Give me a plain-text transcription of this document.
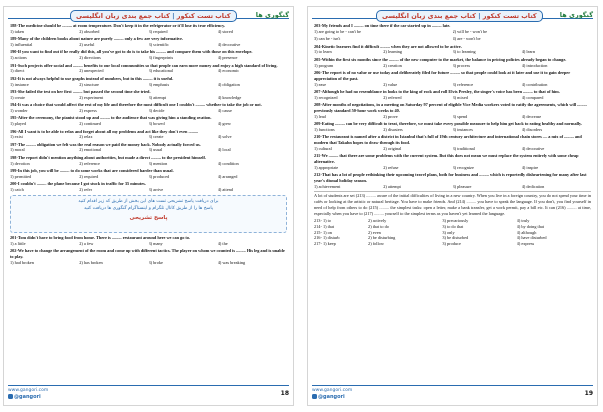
کتاب تست کنکور | کتاب جمع بندی زبان انگلیسی	گنگوری ها

188-The medicine should be ......... at room temperature. Don't keep it in the refrigerator or it'll lose its true efficiency.

1) taken	2) absorbed	3) required	4) stored

189-Many of the children books about nature are purely ......... only a few are very informative.

1) influential	2) useful	3) scientific	4) decorative

190-If you want to find out if he really did this, all you've got to do is to take his ......... and compare them with those on this envelope.

1) actions	2) directions	3) fingerprints	4) presence

191-Such projects offer social and ......... benefits to our local communities so that people can earn more money and enjoy a high standard of living.

1) direct	2) unexpected	3) educational	4) economic

192-It is not always helpful to use graphs instead of numbers, but in this ......... it is useful.

1) instance	2) structure	3) emphasis	4) obligation

193-She failed the test on her first ......... but passed the second time she tried.

1) create	2) experiment	3) attempt	4) knowledge

194-It was a choice that would affect the rest of my life and therefore the most difficult one I couldn't ......... whether to take the job or not.

1) wonder	2) express	3) decide	4) cause

195-After the ceremony, the pianist stood up and ......... to the audience that was giving him a standing ovation.

1) played	2) continued	3) bowed	4) grew

196-All I want is to be able to relax and forget about all my problems and act like they don't even .........

1) exist	2) relax	3) create	4) solve

197-The ......... obligation we felt was the real reason we paid the money back. Nobody actually forced us.

1) moral	2) emotional	3) usual	4) local

198-The report didn't mention anything about authorities, but made a direct ......... to the president himself.

1) devotion	2) reference	3) mention	4) condition

199-In this job, you will be ......... to do some works that are considered harder than usual.

1) permitted	2) required	3) produced	4) arranged

200-I couldn't ......... the plane because I got stuck in traffic for 35 minutes.

1) catch	2) refer	3) arrive	4) attend
برای دریافت پاسخ تشریحی تست های این بخش از طریق کد زیر اقدام کنید
پاسخ ها را از طریق کانال تلگرام و اینستاگرام گنگوری ها دریافت کنید
پاسخ تشریحی

201-Tom didn't have to bring food from home. There is ......... restaurant around here we can go to.

1) a little	2) a few	3) many	4) the

202-We have to change the arrangement of the room and come up with different tactics. The player on whom we counted is ......... His leg and is unable to play.

1) had broken	2) has broken	3) broke	4) was breaking
www.gangori.com
@gangori	18
کتاب تست کنکور | کتاب جمع بندی زبان انگلیسی	گنگوری ها

203-My friends and I ......... on time there if the car started up in ......... late.

1) are going to be - can't be	2) will be - won't be
3) can be - isn't	4) are - won't be

204-Kinetic learners find it difficult ......... when they are not allowed to be active.

1) to learn	2) learning	3) to learning	4) learn

205-Within the first six months since the ......... of the new computer to the market, the balance in pricing policies already began to change.

1) program	2) creation	3) process	4) introduction

206-The report is of no value or use today and deliberately filed for future ......... so that people could look at it later and use it to gain deeper appreciation of the past.

1) ease	2) value	3) reference	4) contribution

207-Although he had no resemblance in looks to the king of rock and roll Elvis Presley, the singer's voice has been ......... to that of him.

1) recognized	2) referred	3) mixed	4) compared

208-After months of negotiations, in a meeting on Saturday 97 percent of eligible Vice Media workers voted to ratify the agreements, which will ......... previously standard 50-hour work weeks to 40.

1) lead	2) prove	3) spend	4) decrease

209-Eating ......... can be very difficult to treat, therefore, we must take every possible measure to help him get back to eating healthy and normally.

1) functions	2) disasters	3) instances	4) disorders

210-The restaurant is named after a district in Istanbul that's full of 19th century architecture and international chain stores — a mix of ......... and modern that Takahn hopes to draw through its food.

1) cultural	2) original	3) traditional	4) decorative

211-We ......... that there are some problems with the current system. But this does not mean we must replace the system entirely with some cheap alternative.

1) appropriate	2) refuse	3) recognize	4) inspire

212-That has a lot of people rethinking their upcoming travel plans, both for business and ......... which is reportedly disheartening for many after last year's dismal holiday season.

1) achievement	2) attempt	3) pleasure	4) dedication

A lot of students are set (213) ......... aware of the initial difficulties of living in a new country. When you live in a foreign country, you do not spend your time in cafés or looking at the artistic or natural heritage. You have to make friends. And (214) ......... you have to speak the language. If you don't, you find yourself in need of help from others to do (215) ......... the simplest tasks: open a letter, make a bank transfer, get a work permit, pay a bill etc. It can (216) ......... at time, especially when you have to (217) ......... yourself to the simplest terms as you haven't yet learned the language.

213- 1) to	2) actively	3) precariously	4) truly
214- 1) that	2) that to do	3) to do that	4) by doing that
215- 1) on	2) even	3) only	4) although
216- 1) disturb	2) be disturbing	3) be disturbed	4) have disturbed
217- 1) keep	2) follow	3) produce	4) express
www.gangori.com
@gangori	19
